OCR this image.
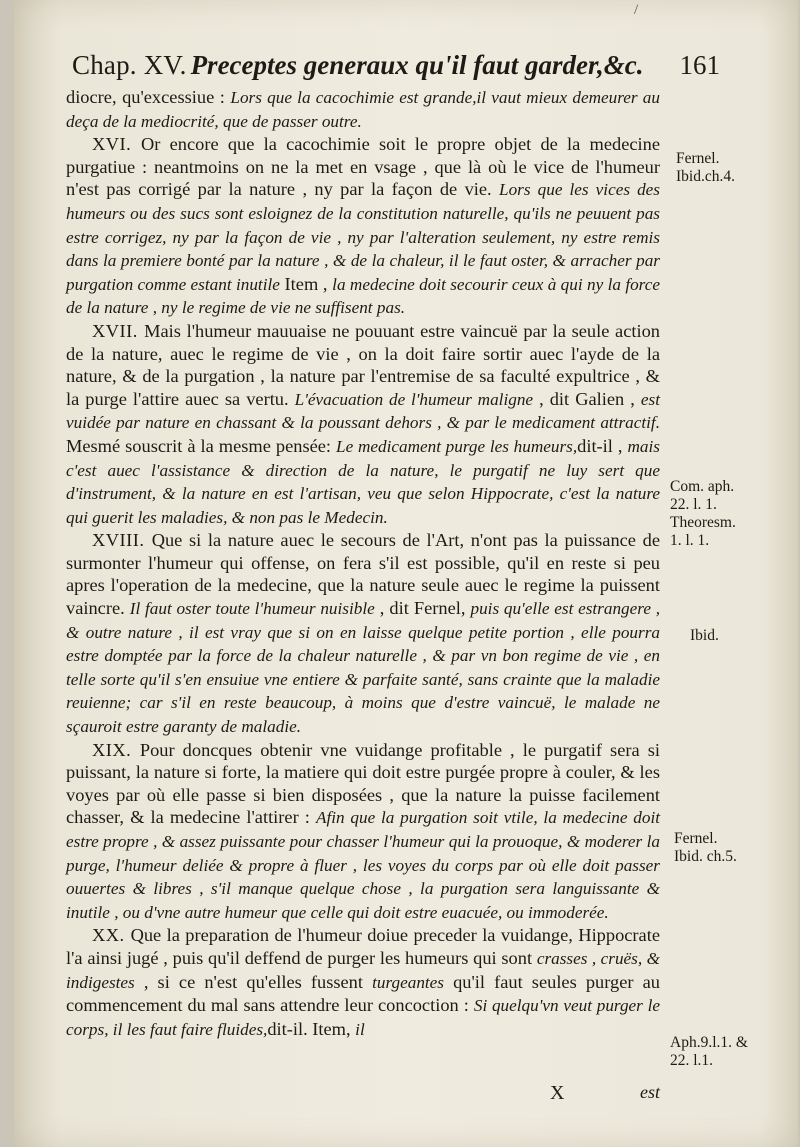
/
Chap. XV. Preceptes generaux qu'il faut garder,&c. 161

diocre, qu'excessiue : Lors que la cacochimie est grande,il vaut mieux demeurer au deça de la mediocrité, que de passer outre.

XVI. Or encore que la cacochimie soit le propre objet de la medecine purgatiue : neantmoins on ne la met en vsage , que là où le vice de l'humeur n'est pas corrigé par la nature , ny par la façon de vie. Lors que les vices des humeurs ou des sucs sont esloignez de la constitution naturelle, qu'ils ne peuuent pas estre corrigez, ny par la façon de vie , ny par l'alteration seulement, ny estre remis dans la premiere bonté par la nature , & de la chaleur, il le faut oster, & arracher par purgation comme estant inutile Item , la medecine doit secourir ceux à qui ny la force de la nature , ny le regime de vie ne suffisent pas.

XVII. Mais l'humeur mauuaise ne pouuant estre vaincuë par la seule action de la nature, auec le regime de vie , on la doit faire sortir auec l'ayde de la nature, & de la purgation , la nature par l'entremise de sa faculté expultrice , & la purge l'attire auec sa vertu. L'évacuation de l'humeur maligne , dit Galien , est vuidée par nature en chassant & la poussant dehors , & par le medicament attractif. Mesmé souscrit à la mesme pensée: Le medicament purge les humeurs,dit-il , mais c'est auec l'assistance & direction de la nature, le purgatif ne luy sert que d'instrument, & la nature en est l'artisan, veu que selon Hippocrate, c'est la nature qui guerit les maladies, & non pas le Medecin.

XVIII. Que si la nature auec le secours de l'Art, n'ont pas la puissance de surmonter l'humeur qui offense, on fera s'il est possible, qu'il en reste si peu apres l'operation de la medecine, que la nature seule auec le regime la puissent vaincre. Il faut oster toute l'humeur nuisible , dit Fernel, puis qu'elle est estrangere , & outre nature , il est vray que si on en laisse quelque petite portion , elle pourra estre domptée par la force de la chaleur naturelle , & par vn bon regime de vie , en telle sorte qu'il s'en ensuiue vne entiere & parfaite santé, sans crainte que la maladie reuienne; car s'il en reste beaucoup, à moins que d'estre vaincuë, le malade ne sçauroit estre garanty de maladie.

XIX. Pour doncques obtenir vne vuidange profitable , le purgatif sera si puissant, la nature si forte, la matiere qui doit estre purgée propre à couler, & les voyes par où elle passe si bien disposées , que la nature la puisse facilement chasser, & la medecine l'attirer : Afin que la purgation soit vtile, la medecine doit estre propre , & assez puissante pour chasser l'humeur qui la prouoque, & moderer la purge, l'humeur deliée & propre à fluer , les voyes du corps par où elle doit passer ouuertes & libres , s'il manque quelque chose , la purgation sera languissante & inutile , ou d'vne autre humeur que celle qui doit estre euacuée, ou immoderée.

XX. Que la preparation de l'humeur doiue preceder la vuidange, Hippocrate l'a ainsi jugé , puis qu'il deffend de purger les humeurs qui sont crasses , cruës, & indigestes , si ce n'est qu'elles fussent turgeantes qu'il faut seules purger au commencement du mal sans attendre leur concoction : Si quelqu'vn veut purger le corps, il les faut faire fluides,dit-il. Item, il

Fernel.
Ibid.ch.4.
Com. aph.
22. l. 1.
Theoresm.
1. l. 1.
Ibid.
Fernel.
Ibid. ch.5.
Aph.9.l.1. &
22. l.1.
X	est
